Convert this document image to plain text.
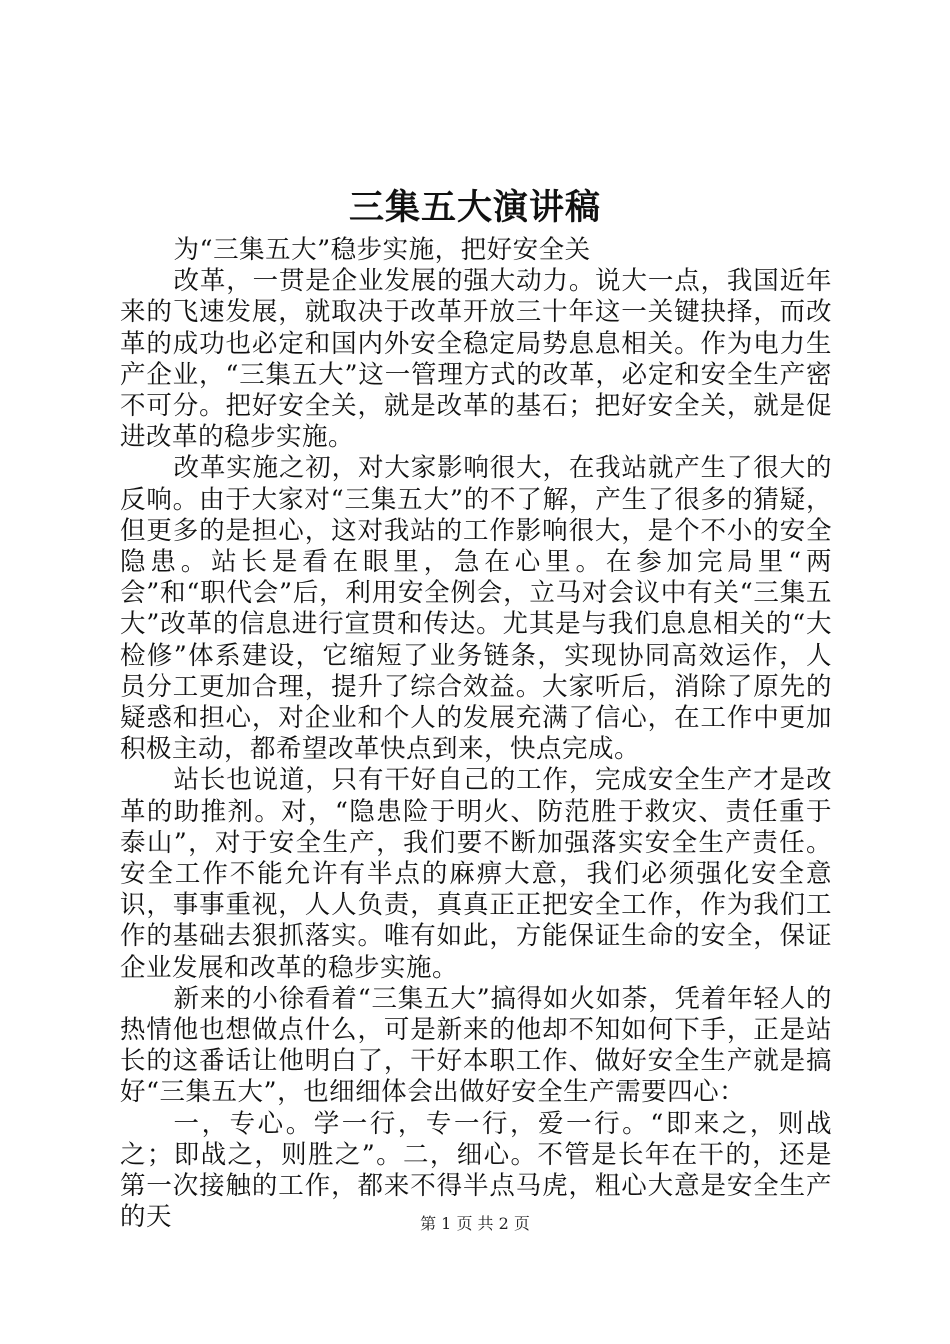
三集五大演讲稿

为“三集五大”稳步实施，把好安全关

改革，一贯是企业发展的强大动力。说大一点，我国近年来的飞速发展，就取决于改革开放三十年这一关键抉择，而改革的成功也必定和国内外安全稳定局势息息相关。作为电力生产企业，“三集五大”这一管理方式的改革，必定和安全生产密不可分。把好安全关，就是改革的基石；把好安全关，就是促进改革的稳步实施。

改革实施之初，对大家影响很大，在我站就产生了很大的反响。由于大家对“三集五大”的不了解，产生了很多的猜疑，但更多的是担心，这对我站的工作影响很大，是个不小的安全隐患。站长是看在眼里，急在心里。在参加完局里“两会”和“职代会”后，利用安全例会，立马对会议中有关“三集五大”改革的信息进行宣贯和传达。尤其是与我们息息相关的“大检修”体系建设，它缩短了业务链条，实现协同高效运作，人员分工更加合理，提升了综合效益。大家听后，消除了原先的疑惑和担心，对企业和个人的发展充满了信心，在工作中更加积极主动，都希望改革快点到来，快点完成。

站长也说道，只有干好自己的工作，完成安全生产才是改革的助推剂。对，“隐患险于明火、防范胜于救灾、责任重于泰山”，对于安全生产，我们要不断加强落实安全生产责任。安全工作不能允许有半点的麻痹大意，我们必须强化安全意识，事事重视，人人负责，真真正正把安全工作，作为我们工作的基础去狠抓落实。唯有如此，方能保证生命的安全，保证企业发展和改革的稳步实施。

新来的小徐看着“三集五大”搞得如火如荼，凭着年轻人的热情他也想做点什么，可是新来的他却不知如何下手，正是站长的这番话让他明白了，干好本职工作、做好安全生产就是搞好“三集五大”，也细细体会出做好安全生产需要四心：

一，专心。学一行，专一行，爱一行。“即来之，则战之；即战之，则胜之”。二，细心。不管是长年在干的，还是第一次接触的工作，都来不得半点马虎，粗心大意是安全生产的天	第 1 页 共 2 页
